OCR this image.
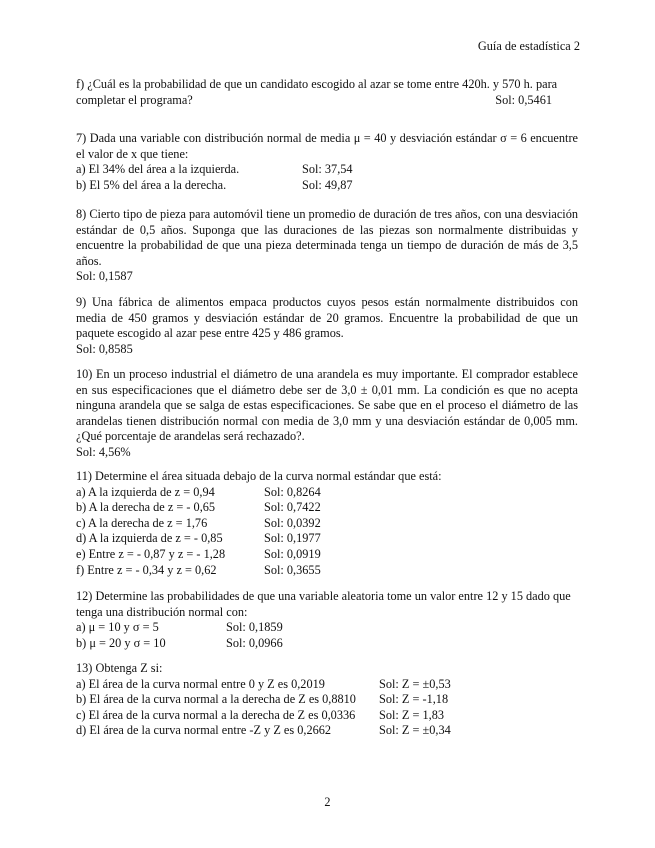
Guía de estadística 2

f) ¿Cuál es la probabilidad de que un candidato escogido al azar se tome entre 420h. y 570 h. para

completar el programa?	Sol: 0,5461

7) Dada una variable con distribución normal de media μ = 40 y desviación estándar σ = 6 encuentre el valor de x que tiene:

a) El 34% del área a la izquierda.	Sol: 37,54
b) El 5% del área a la derecha.	Sol: 49,87

8) Cierto tipo de pieza para automóvil tiene un promedio de duración de tres años, con una desviación estándar de 0,5 años. Suponga que las duraciones de las piezas son normalmente distribuidas y encuentre la probabilidad de que una pieza determinada tenga un tiempo de duración de más de 3,5 años.

Sol: 0,1587

9) Una fábrica de alimentos empaca productos cuyos pesos están normalmente distribuidos con media de 450 gramos y desviación estándar de 20 gramos. Encuentre la probabilidad de que un paquete escogido al azar pese entre 425 y 486 gramos.

Sol: 0,8585

10) En un proceso industrial el diámetro de una arandela es muy importante. El comprador establece en sus especificaciones que el diámetro debe ser de 3,0 ± 0,01 mm. La condición es que no acepta ninguna arandela que se salga de estas especificaciones. Se sabe que en el proceso el diámetro de las arandelas tienen distribución normal con media de 3,0 mm y una desviación estándar de 0,005 mm. ¿Qué porcentaje de arandelas será rechazado?.

Sol: 4,56%

11) Determine el área situada debajo de la curva normal estándar que está:

a) A la izquierda de z = 0,94	Sol: 0,8264
b) A la derecha de z = - 0,65	Sol: 0,7422
c) A la derecha de z = 1,76	Sol: 0,0392
d) A la izquierda de z = - 0,85	Sol: 0,1977
e) Entre z = - 0,87 y z = - 1,28	Sol: 0,0919
f) Entre z = - 0,34 y z = 0,62	Sol: 0,3655

12) Determine las probabilidades de que una variable aleatoria tome un valor entre 12 y 15 dado que tenga una distribución normal con:

a) μ = 10 y σ = 5	Sol: 0,1859
b) μ = 20 y σ = 10	Sol: 0,0966

13) Obtenga Z si:

a) El área de la curva normal entre 0 y Z es 0,2019	Sol: Z = ±0,53
b) El área de la curva normal a la derecha de Z es 0,8810	Sol: Z = -1,18
c) El área de la curva normal a la derecha de Z es 0,0336	Sol: Z = 1,83
d) El área de la curva normal entre -Z y Z es 0,2662	Sol: Z = ±0,34
2
